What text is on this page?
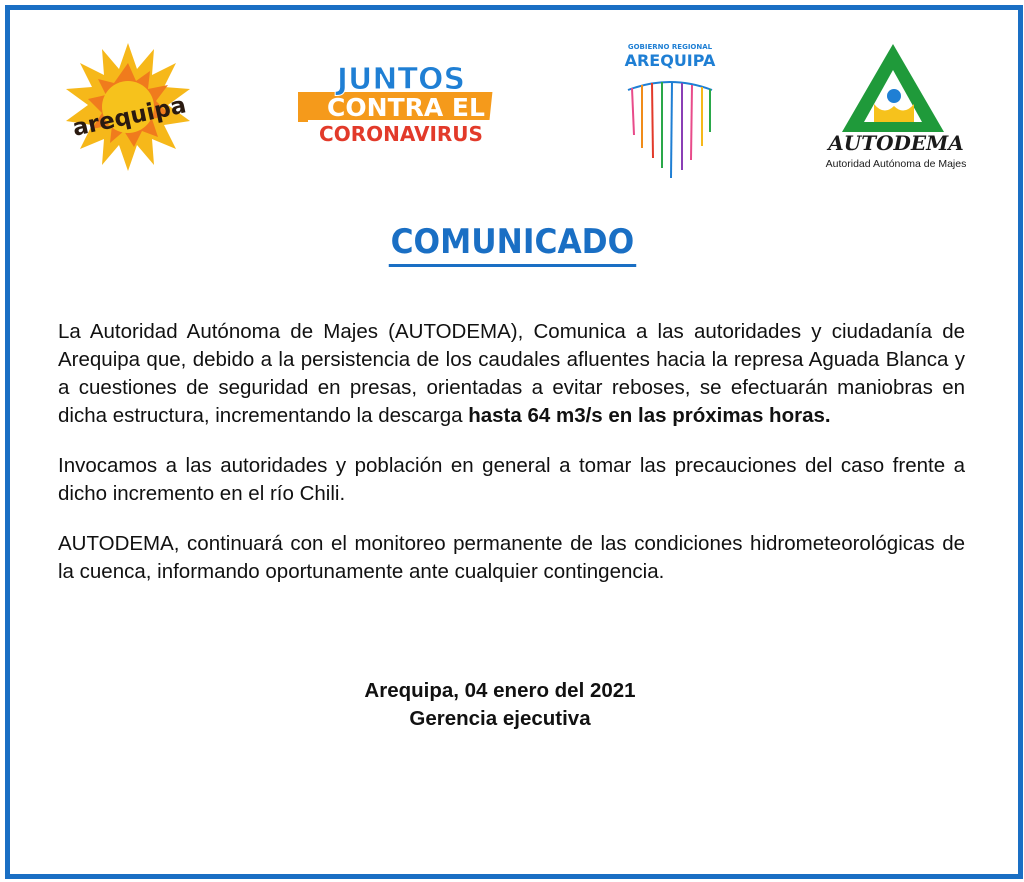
arequipa
JUNTOS
CONTRA EL
CORONAVIRUS
GOBIERNO REGIONAL
AREQUIPA
AUTODEMA
Autoridad Autónoma de Majes
COMUNICADO

La Autoridad Autónoma de Majes (AUTODEMA), Comunica a las autoridades y ciudadanía de Arequipa que, debido a la persistencia de los caudales afluentes hacia la represa Aguada Blanca y a cuestiones de seguridad en presas, orientadas a evitar reboses, se efectuarán maniobras en dicha estructura, incrementando la descarga hasta 64 m3/s en las próximas horas.

Invocamos a las autoridades y población en general a tomar las precauciones del caso frente a dicho incremento en el río Chili.

AUTODEMA, continuará con el monitoreo permanente de las condiciones hidrometeorológicas de la cuenca, informando oportunamente ante cualquier contingencia.

Arequipa, 04 enero del 2021
Gerencia ejecutiva
